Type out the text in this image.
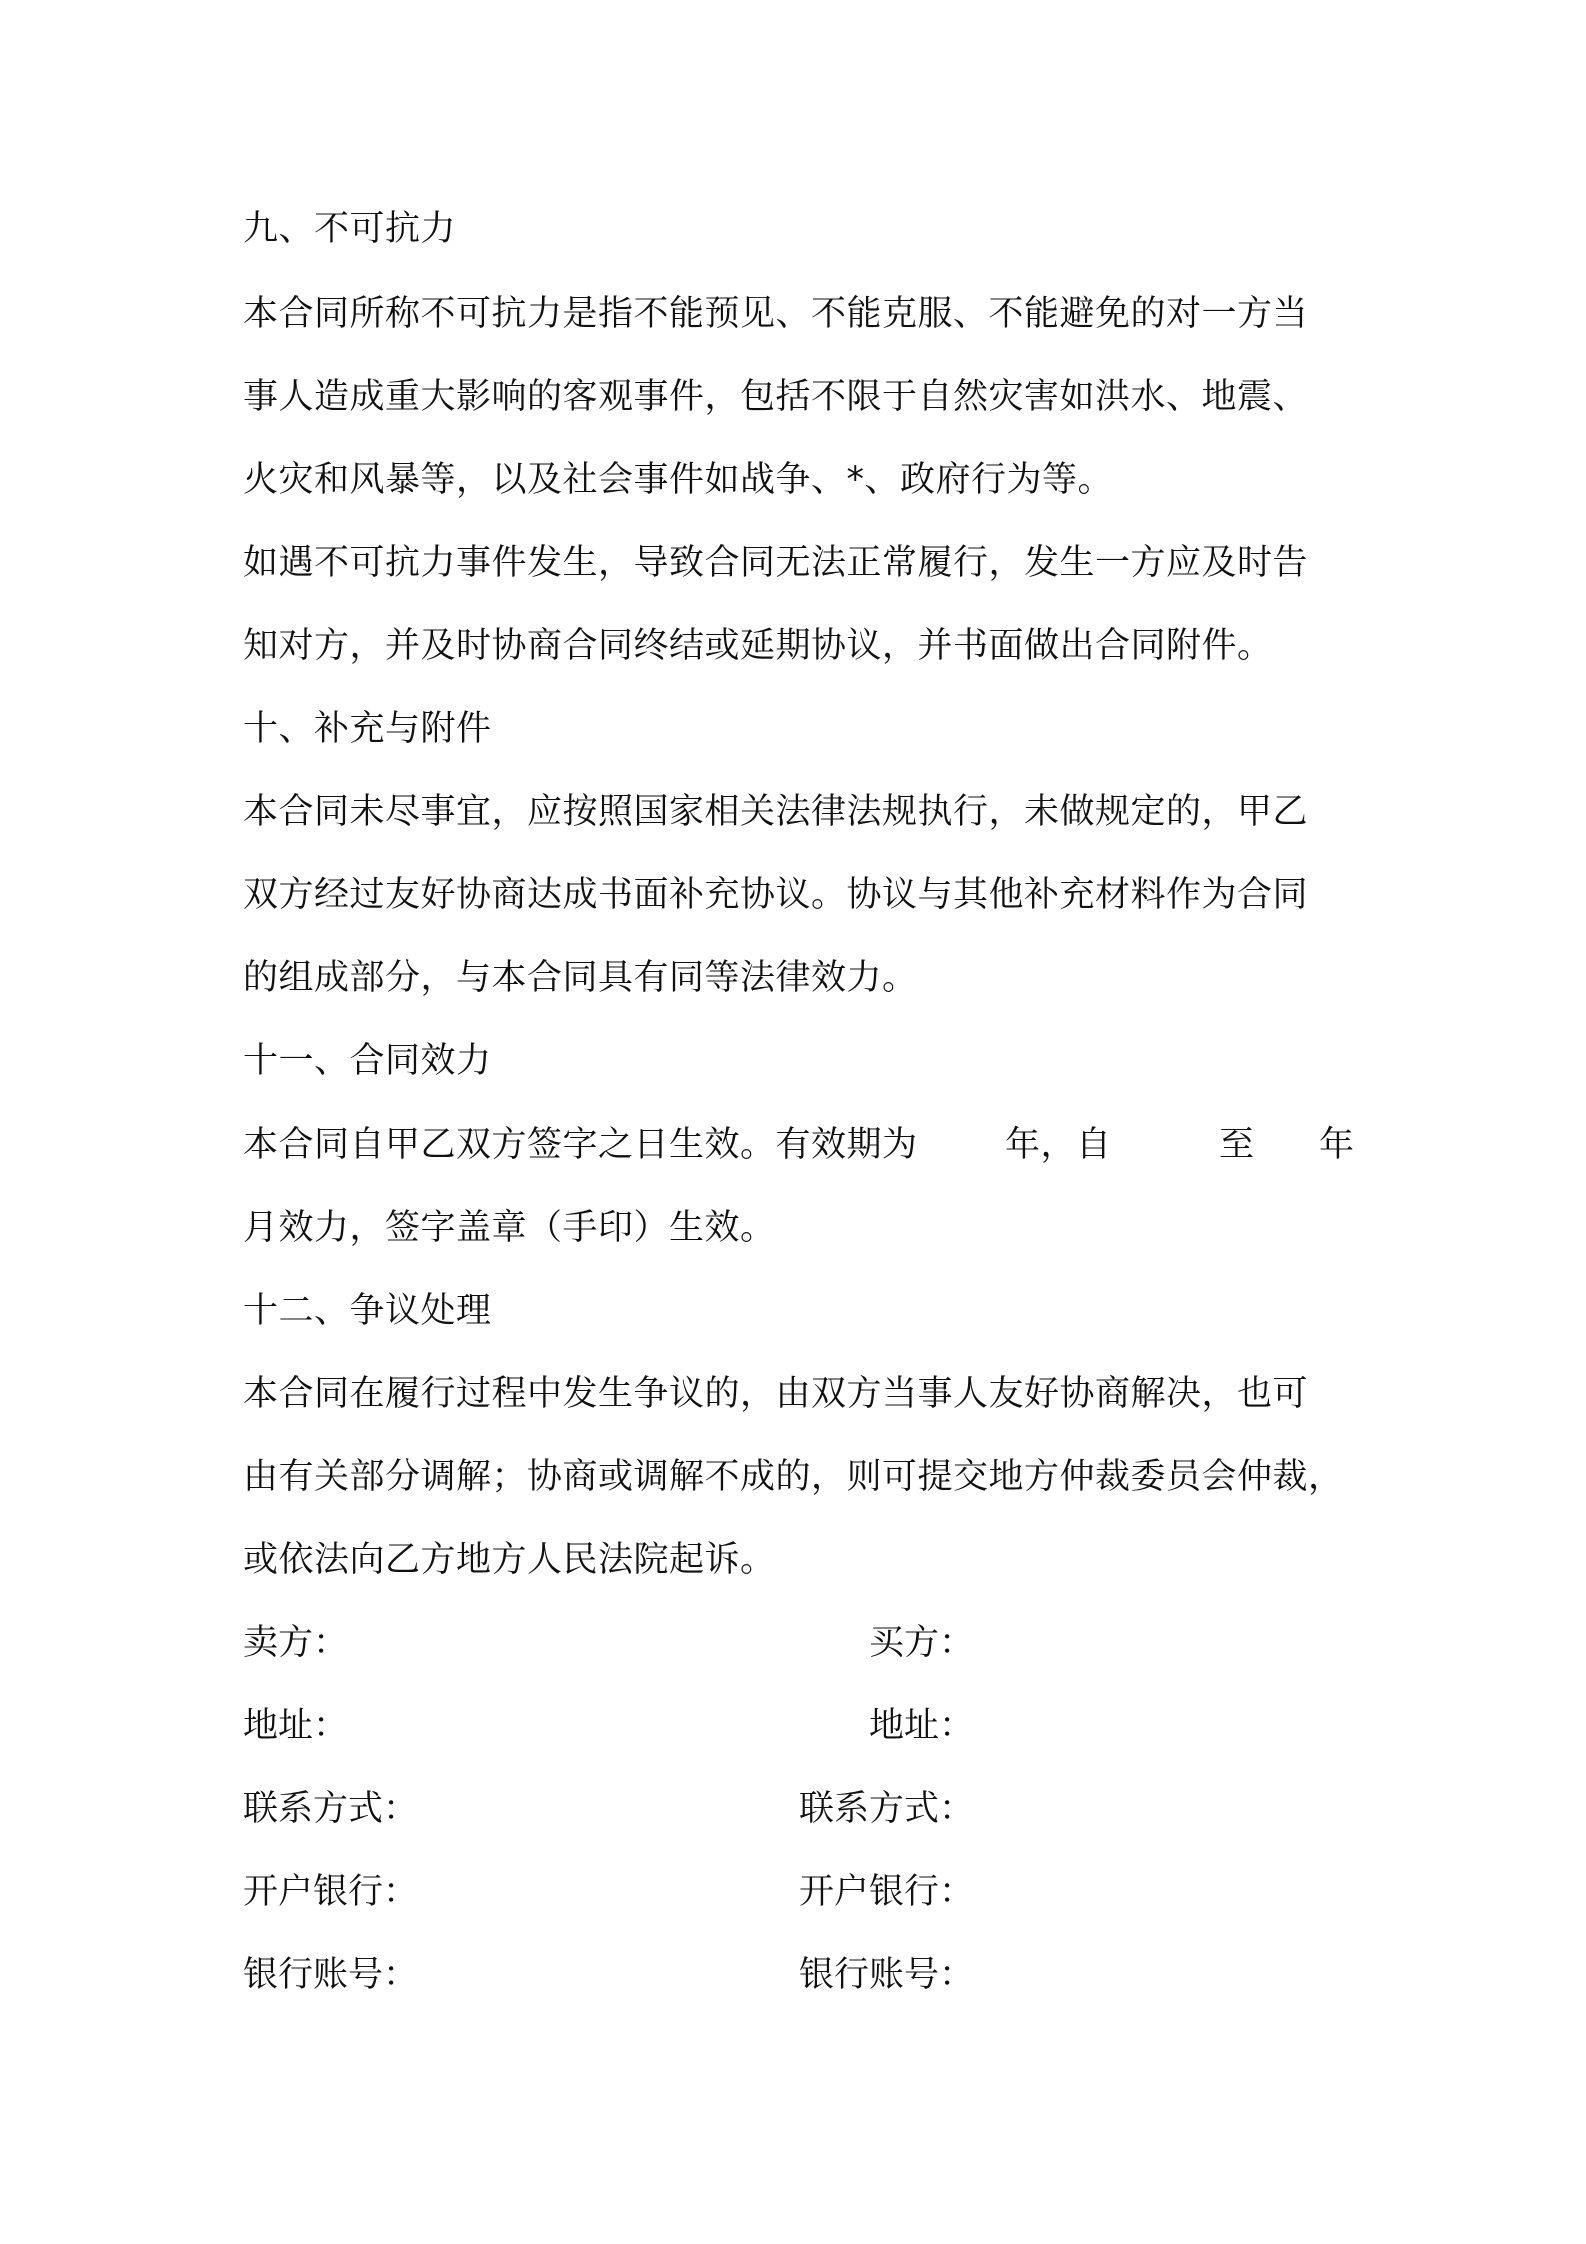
九、不可抗力
本合同所称不可抗力是指不能预见、不能克服、不能避免的对一方当
事人造成重大影响的客观事件，包括不限于自然灾害如洪水、地震、
火灾和风暴等，以及社会事件如战争、*、政府行为等。
如遇不可抗力事件发生，导致合同无法正常履行，发生一方应及时告
知对方，并及时协商合同终结或延期协议，并书面做出合同附件。
十、补充与附件
本合同未尽事宜，应按照国家相关法律法规执行，未做规定的，甲乙
双方经过友好协商达成书面补充协议。协议与其他补充材料作为合同
的组成部分，与本合同具有同等法律效力。
十一、合同效力
本合同自甲乙双方签字之日生效。有效期为 年，自	至 年
月效力，签字盖章（手印）生效。
十二、争议处理
本合同在履行过程中发生争议的，由双方当事人友好协商解决，也可
由有关部分调解；协商或调解不成的，则可提交地方仲裁委员会仲裁，
或依法向乙方地方人民法院起诉。
卖方：	买方：
地址：	地址：
联系方式：	联系方式：
开户银行：	开户银行：
银行账号：	银行账号：
